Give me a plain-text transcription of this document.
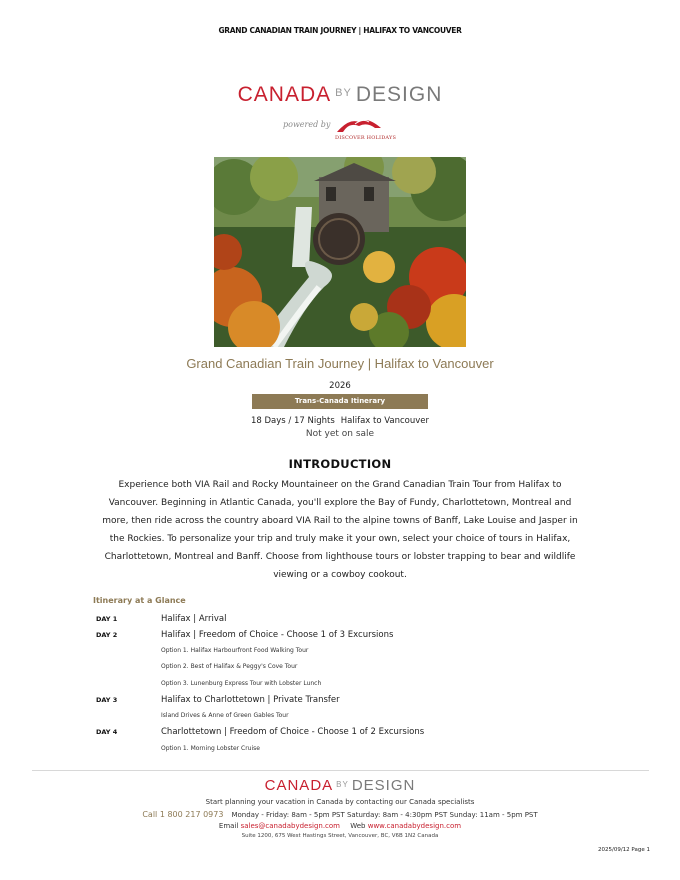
GRAND CANADIAN TRAIN JOURNEY | HALIFAX TO VANCOUVER
CANADA $^{BY}$ DESIGN
powered by
DISCOVER HOLIDAYS
Grand Canadian Train Journey | Halifax to Vancouver
2026
Trans-Canada Itinerary
18 Days / 17 Nights Halifax to Vancouver
Not yet on sale
INTRODUCTION
Experience both VIA Rail and Rocky Mountaineer on the Grand Canadian Train Tour from Halifax to Vancouver. Beginning in Atlantic Canada, you'll explore the Bay of Fundy, Charlottetown, Montreal and more, then ride across the country aboard VIA Rail to the alpine towns of Banff, Lake Louise and Jasper in the Rockies. To personalize your trip and truly make it your own, select your choice of tours in Halifax, Charlottetown, Montreal and Banff. Choose from lighthouse tours or lobster trapping to bear and wildlife viewing or a cowboy cookout.
Itinerary at a Glance
DAY 1	Halifax | Arrival
DAY 2	Halifax | Freedom of Choice - Choose 1 of 3 Excursions
Option 1. Halifax Harbourfront Food Walking Tour
Option 2. Best of Halifax & Peggy's Cove Tour
Option 3. Lunenburg Express Tour with Lobster Lunch
DAY 3	Halifax to Charlottetown | Private Transfer
Island Drives & Anne of Green Gables Tour
DAY 4	Charlottetown | Freedom of Choice - Choose 1 of 2 Excursions
Option 1. Morning Lobster Cruise
CANADA $^{BY}$ DESIGN
Start planning your vacation in Canada by contacting our Canada specialists
Call 1 800 217 0973 Monday - Friday: 8am - 5pm PST Saturday: 8am - 4:30pm PST Sunday: 11am - 5pm PST
Email sales@canadabydesign.com Web www.canadabydesign.com
Suite 1200, 675 West Hastings Street, Vancouver, BC, V6B 1N2 Canada
2025/09/12 Page 1
